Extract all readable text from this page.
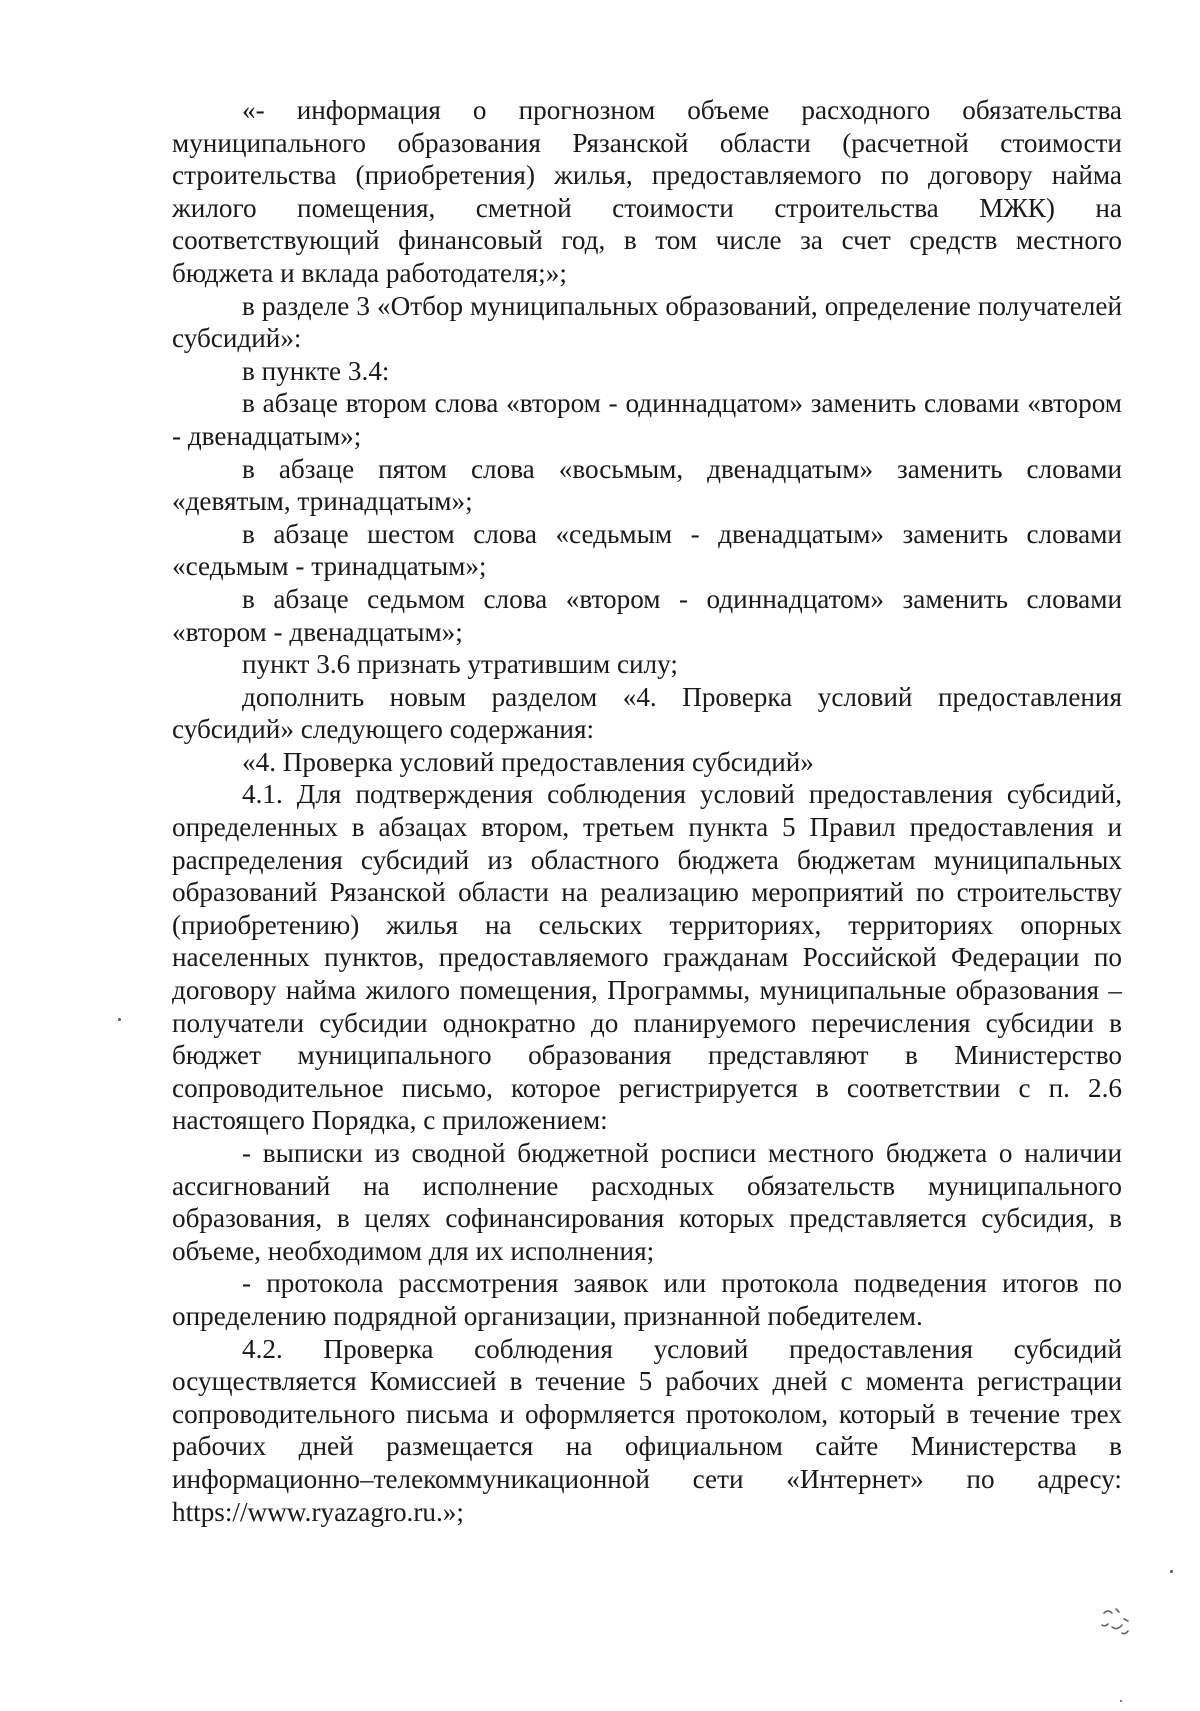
«- информация о прогнозном объеме расходного обязательства муниципального образования Рязанской области (расчетной стоимости строительства (приобретения) жилья, предоставляемого по договору найма жилого помещения, сметной стоимости строительства МЖК) на соответствующий финансовый год, в том числе за счет средств местного бюджета и вклада работодателя;»;

в разделе 3 «Отбор муниципальных образований, определение получателей субсидий»:

в пункте 3.4:

в абзаце втором слова «втором - одиннадцатом» заменить словами «втором - двенадцатым»;

в абзаце пятом слова «восьмым, двенадцатым» заменить словами «девятым, тринадцатым»;

в абзаце шестом слова «седьмым - двенадцатым» заменить словами «седьмым - тринадцатым»;

в абзаце седьмом слова «втором - одиннадцатом» заменить словами «втором - двенадцатым»;

пункт 3.6 признать утратившим силу;

дополнить новым разделом «4. Проверка условий предоставления субсидий» следующего содержания:

«4. Проверка условий предоставления субсидий»

4.1. Для подтверждения соблюдения условий предоставления субсидий, определенных в абзацах втором, третьем пункта 5 Правил предоставления и распределения субсидий из областного бюджета бюджетам муниципальных образований Рязанской области на реализацию мероприятий по строительству (приобретению) жилья на сельских территориях, территориях опорных населенных пунктов, предоставляемого гражданам Российской Федерации по договору найма жилого помещения, Программы, муниципальные образования – получатели субсидии однократно до планируемого перечисления субсидии в бюджет муниципального образования представляют в Министерство сопроводительное письмо, которое регистрируется в соответствии с п. 2.6 настоящего Порядка, с приложением:

- выписки из сводной бюджетной росписи местного бюджета о наличии ассигнований на исполнение расходных обязательств муниципального образования, в целях софинансирования которых представляется субсидия, в объеме, необходимом для их исполнения;

- протокола рассмотрения заявок или протокола подведения итогов по определению подрядной организации, признанной победителем.

4.2. Проверка соблюдения условий предоставления субсидий осуществляется Комиссией в течение 5 рабочих дней с момента регистрации сопроводительного письма и оформляется протоколом, который в течение трех рабочих дней размещается на официальном сайте Министерства в информационно–телекоммуникационной сети «Интернет» по адресу: https://www.ryazagro.ru.»;
